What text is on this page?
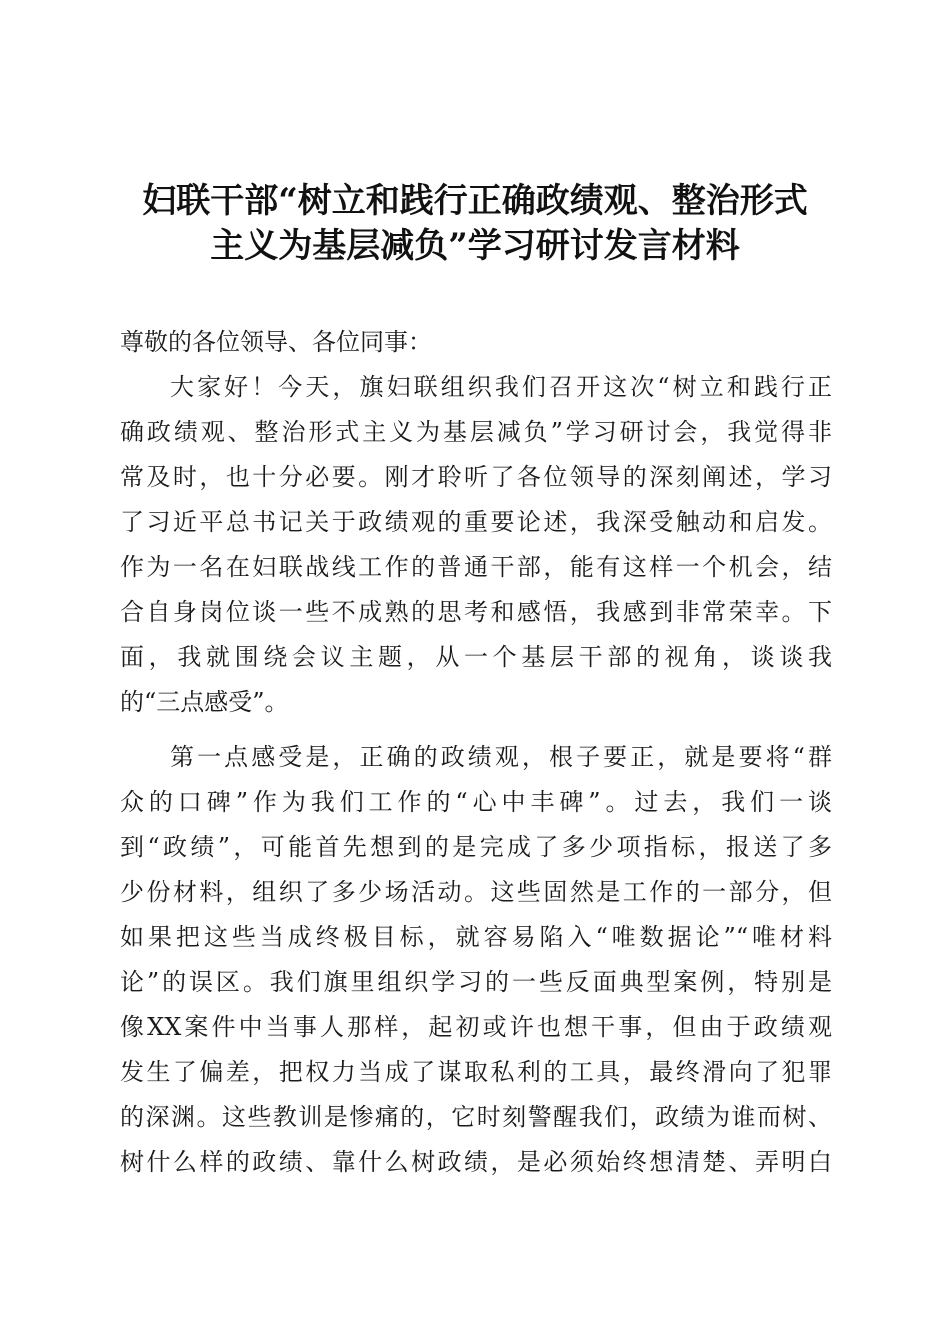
妇联干部“树立和践行正确政绩观、整治形式
主义为基层减负”学习研讨发言材料
尊敬的各位领导、各位同事：
大家好！今天，旗妇联组织我们召开这次“树立和践行正
确政绩观、整治形式主义为基层减负”学习研讨会，我觉得非
常及时，也十分必要。刚才聆听了各位领导的深刻阐述，学习
了习近平总书记关于政绩观的重要论述，我深受触动和启发。
作为一名在妇联战线工作的普通干部，能有这样一个机会，结
合自身岗位谈一些不成熟的思考和感悟，我感到非常荣幸。下
面，我就围绕会议主题，从一个基层干部的视角，谈谈我
的“三点感受”。
第一点感受是，正确的政绩观，根子要正，就是要将“群
众的口碑”作为我们工作的“心中丰碑”。过去，我们一谈
到“政绩”，可能首先想到的是完成了多少项指标，报送了多
少份材料，组织了多少场活动。这些固然是工作的一部分，但
如果把这些当成终极目标，就容易陷入“唯数据论”“唯材料
论”的误区。我们旗里组织学习的一些反面典型案例，特别是
像XX案件中当事人那样，起初或许也想干事，但由于政绩观
发生了偏差，把权力当成了谋取私利的工具，最终滑向了犯罪
的深渊。这些教训是惨痛的，它时刻警醒我们，政绩为谁而树、
树什么样的政绩、靠什么树政绩，是必须始终想清楚、弄明白
